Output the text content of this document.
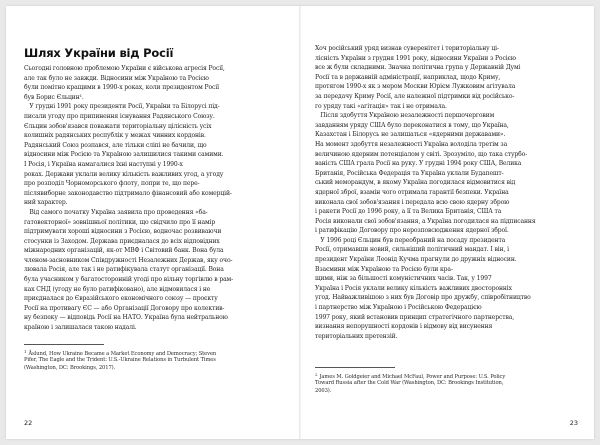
Шлях України від Росії
Сьогодні головною проблемою України є військова агресія Росії,
але так було не завжди. Відносини між Україною та Росією
були помітно кращими в 1990-х роках, коли президентом Росії
був Борис Єльцин¹.
У грудні 1991 року президенти Росії, України та Білорусі під-
писали угоду про припинення існування Радянського Союзу.
Єльцин зобов'язався поважати територіальну цілісність усіх
колишніх радянських республік у межах чинних кордонів.
Радянський Союз розпався, але тільки сліпі не бачили, що
відносини між Росією та Україною залишилися такими самими.
І Росія, і Україна намагалися їхні наступні у 1990-х
роках. Держави уклали велику кількість важливих угод, а угоду
про розподіл Чорноморського флоту, попри те, що пере-
післявиборне законодавство підтримало фінансовий або комерцій-
ний характер.
Від самого початку Україна заявила про проведення «ба-
гатовекторної» зовнішньої політики, що свідчило про її намір
підтримувати хороші відносини з Росією, водночас розвиваючи
стосунки із Заходом. Держава приєдналася до всіх відповідних
міжнародних організацій, як-от МВФ і Світовий банк. Вона була
членом-засновником Співдружності Незалежних Держав, яку очо-
лювала Росія, але так і не ратифікувала статут організації. Вона
була учасником у багатосторонній угоді про вільну торгівлю в рам-
ках СНД (угоду не було ратифіковано), але відмовилася і не
приєдналася до Євразійського економічного союзу — проєкту
Росії на противагу ЄС — або Організації Договору про колектив-
ну безпеку — відповідь Росії на НАТО. Україна була нейтральною
країною і залишалася такою надалі.
$^1$ Åslund, How Ukraine Became a Market Economy and Democracy; Steven
Pifer, The Eagle and the Trident: U.S.-Ukraine Relations in Turbulent Times
(Washington, DC: Brookings, 2017).
22
Хоч російський уряд визнав суверенітет і територіальну ці-
лісність України з грудня 1991 року, відносини України з Росією
все ж були складними. Значна політична група у Державній Думі
Росії та в державній адміністрації, наприклад, щодо Криму,
протягом 1990-х як з мером Москви Юрієм Лужковим агітувала
за передачу Криму Росії, але належної підтримки від російсько-
го уряду такі «агітація» так і не отримала.
Після здобуття Україною незалежності першочерговим
завданням уряду США було переконатися в тому, що Україна,
Казахстан і Білорусь не залишаться «ядерними державами».
На момент здобуття незалежності Україна володіла третім за
величиною ядерним потенціалом у світі. Зрозуміло, що така стурбо-
ваність США грала Росії на руку. У грудні 1994 року США, Велика
Британія, Російська Федерація та Україна уклали Будапешт-
ський меморандум, в якому Україна погодилася відмовитися від
ядерної зброї, взамін чого отримала гарантії безпеки. Україна
виконала свої зобов'язання і передала всю свою ядерну зброю
і ракети Росії до 1996 року, а її та Велика Британія, США та
Росія виконали свої зобов'язання, а Україна погодилася на підписання
і ратифікацію Договору про нерозповсюдження ядерної зброї.
У 1996 році Єльцин був переобраний на посаду президента
Росії, отримавши новий, сильніший політичний мандат. І він, і
президент України Леонід Кучма прагнули до дружніх відносин.
Взаємини між Україною та Росією були кра-
щими, ніж за більшості комуністичних часів. Так, у 1997
Україна і Росія уклали велику кількість важливих двосторонніх
угод. Найважливішою з них був Договір про дружбу, співробітництво
і партнерство між Україною і Російською Федерацією
1997 року, який встановив принцип стратегічного партнерства,
визнання непорушності кордонів і відмову від висунення
територіальних претензій.
$^2$ James M. Goldgeier and Michael McFaul, Power and Purpose: U.S. Policy
Toward Russia after the Cold War (Washington, DC: Brookings Institution,
2003).
23
